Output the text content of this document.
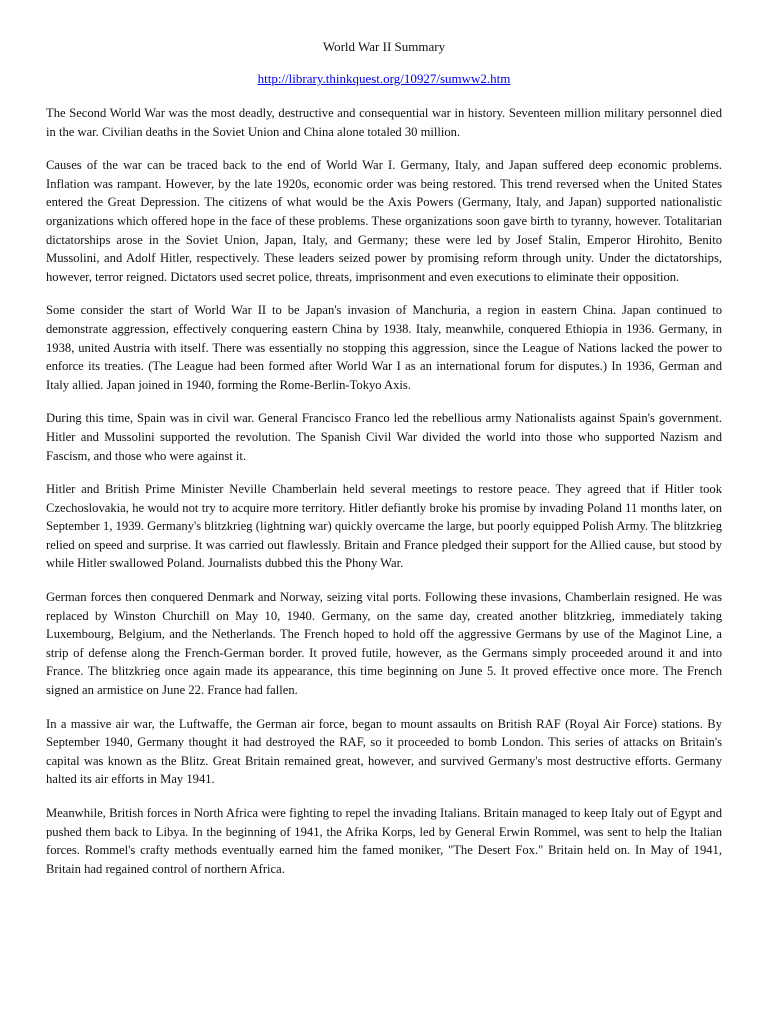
World War II Summary
http://library.thinkquest.org/10927/sumww2.htm

The Second World War was the most deadly, destructive and consequential war in history. Seventeen million military personnel died in the war. Civilian deaths in the Soviet Union and China alone totaled 30 million.

Causes of the war can be traced back to the end of World War I. Germany, Italy, and Japan suffered deep economic problems. Inflation was rampant. However, by the late 1920s, economic order was being restored. This trend reversed when the United States entered the Great Depression. The citizens of what would be the Axis Powers (Germany, Italy, and Japan) supported nationalistic organizations which offered hope in the face of these problems. These organizations soon gave birth to tyranny, however. Totalitarian dictatorships arose in the Soviet Union, Japan, Italy, and Germany; these were led by Josef Stalin, Emperor Hirohito, Benito Mussolini, and Adolf Hitler, respectively. These leaders seized power by promising reform through unity. Under the dictatorships, however, terror reigned. Dictators used secret police, threats, imprisonment and even executions to eliminate their opposition.

Some consider the start of World War II to be Japan's invasion of Manchuria, a region in eastern China. Japan continued to demonstrate aggression, effectively conquering eastern China by 1938. Italy, meanwhile, conquered Ethiopia in 1936. Germany, in 1938, united Austria with itself. There was essentially no stopping this aggression, since the League of Nations lacked the power to enforce its treaties. (The League had been formed after World War I as an international forum for disputes.) In 1936, German and Italy allied. Japan joined in 1940, forming the Rome-Berlin-Tokyo Axis.

During this time, Spain was in civil war. General Francisco Franco led the rebellious army Nationalists against Spain's government. Hitler and Mussolini supported the revolution. The Spanish Civil War divided the world into those who supported Nazism and Fascism, and those who were against it.

Hitler and British Prime Minister Neville Chamberlain held several meetings to restore peace. They agreed that if Hitler took Czechoslovakia, he would not try to acquire more territory. Hitler defiantly broke his promise by invading Poland 11 months later, on September 1, 1939. Germany's blitzkrieg (lightning war) quickly overcame the large, but poorly equipped Polish Army. The blitzkrieg relied on speed and surprise. It was carried out flawlessly. Britain and France pledged their support for the Allied cause, but stood by while Hitler swallowed Poland. Journalists dubbed this the Phony War.

German forces then conquered Denmark and Norway, seizing vital ports. Following these invasions, Chamberlain resigned. He was replaced by Winston Churchill on May 10, 1940. Germany, on the same day, created another blitzkrieg, immediately taking Luxembourg, Belgium, and the Netherlands. The French hoped to hold off the aggressive Germans by use of the Maginot Line, a strip of defense along the French-German border. It proved futile, however, as the Germans simply proceeded around it and into France. The blitzkrieg once again made its appearance, this time beginning on June 5. It proved effective once more. The French signed an armistice on June 22. France had fallen.

In a massive air war, the Luftwaffe, the German air force, began to mount assaults on British RAF (Royal Air Force) stations. By September 1940, Germany thought it had destroyed the RAF, so it proceeded to bomb London. This series of attacks on Britain's capital was known as the Blitz. Great Britain remained great, however, and survived Germany's most destructive efforts. Germany halted its air efforts in May 1941.

Meanwhile, British forces in North Africa were fighting to repel the invading Italians. Britain managed to keep Italy out of Egypt and pushed them back to Libya. In the beginning of 1941, the Afrika Korps, led by General Erwin Rommel, was sent to help the Italian forces. Rommel's crafty methods eventually earned him the famed moniker, "The Desert Fox." Britain held on. In May of 1941, Britain had regained control of northern Africa.
